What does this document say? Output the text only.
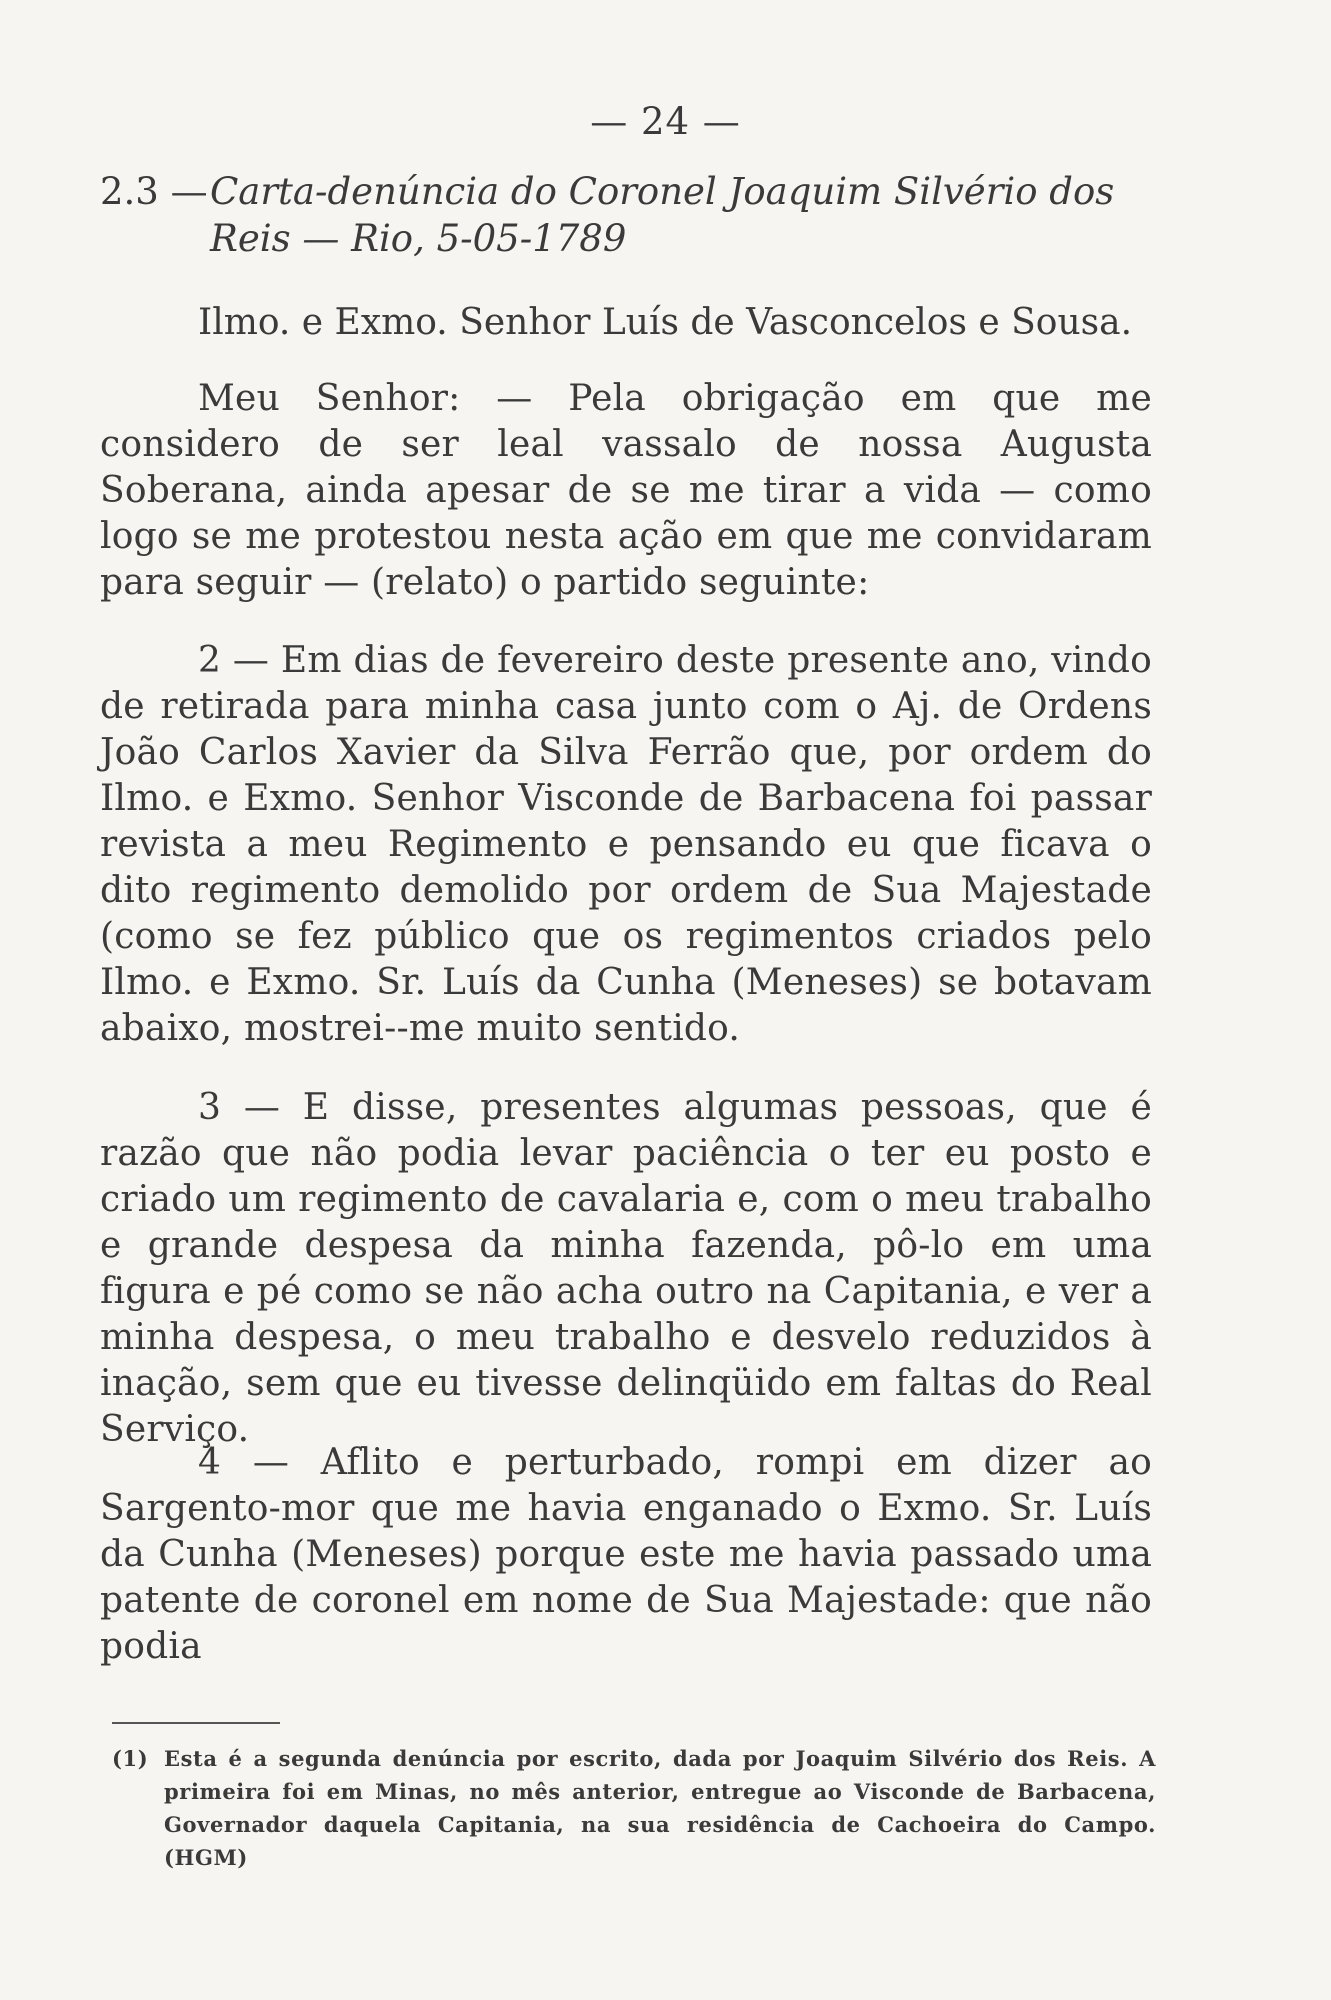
— 24 —
2.3 —Carta-denúncia do Coronel Joaquim Silvério dos
Reis — Rio, 5-05-1789
Ilmo. e Exmo. Senhor Luís de Vasconcelos e Sousa.
Meu Senhor: — Pela obrigação em que me considero de ser leal vassalo de nossa Augusta Soberana, ainda apesar de se me tirar a vida — como logo se me protestou nesta ação em que me convidaram para seguir — (relato) o partido seguinte:
2 — Em dias de fevereiro deste presente ano, vindo de retirada para minha casa junto com o Aj. de Ordens João Carlos Xavier da Silva Ferrão que, por ordem do Ilmo. e Exmo. Senhor Visconde de Barbacena foi passar revista a meu Regimento e pensando eu que ficava o dito regimento demolido por ordem de Sua Majestade (como se fez público que os regimentos criados pelo Ilmo. e Exmo. Sr. Luís da Cunha (Meneses) se botavam abaixo, mostrei--me muito sentido.
3 — E disse, presentes algumas pessoas, que é razão que não podia levar paciência o ter eu posto e criado um regimento de cavalaria e, com o meu trabalho e grande despesa da minha fazenda, pô-lo em uma figura e pé como se não acha outro na Capitania, e ver a minha despesa, o meu trabalho e desvelo reduzidos à inação, sem que eu tivesse delinqüido em faltas do Real Serviço.
4 — Aflito e perturbado, rompi em dizer ao Sargento-mor que me havia enganado o Exmo. Sr. Luís da Cunha (Meneses) porque este me havia passado uma patente de coronel em nome de Sua Majestade: que não podia
(1) Esta é a segunda denúncia por escrito, dada por Joaquim Silvério dos Reis. A primeira foi em Minas, no mês anterior, entregue ao Visconde de Barbacena, Governador daquela Capitania, na sua residência de Cachoeira do Campo. (HGM)
